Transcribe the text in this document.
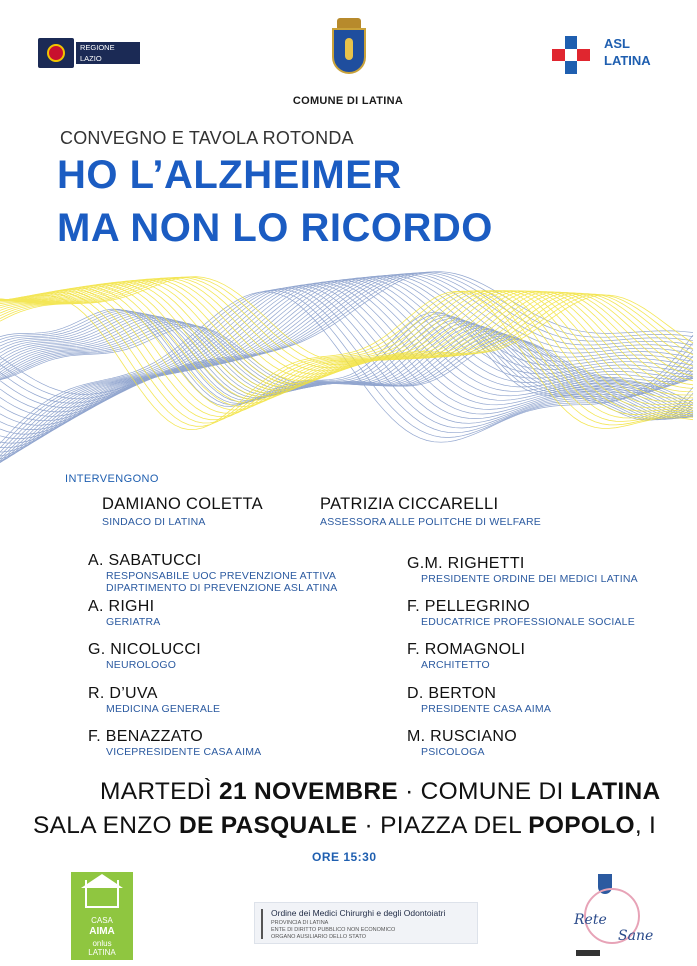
REGIONE
LAZIO
COMUNE DI LATINA
ASL
LATINA
CONVEGNO E TAVOLA ROTONDA
HO L’ALZHEIMER
MA NON LO RICORDO
INTERVENGONO
DAMIANO COLETTA
SINDACO DI LATINA
PATRIZIA CICCARELLI
ASSESSORA ALLE POLITCHE DI WELFARE
A. SABATUCCI
RESPONSABILE UOC PREVENZIONE ATTIVA
DIPARTIMENTO DI PREVENZIONE ASL ATINA
A. RIGHI
GERIATRA
G. NICOLUCCI
NEUROLOGO
R. D’UVA
MEDICINA GENERALE
F. BENAZZATO
VICEPRESIDENTE CASA AIMA
G.M. RIGHETTI
PRESIDENTE ORDINE DEI MEDICI LATINA
F. PELLEGRINO
EDUCATRICE PROFESSIONALE SOCIALE
F. ROMAGNOLI
ARCHITETTO
D. BERTON
PRESIDENTE CASA AIMA
M. RUSCIANO
PSICOLOGA
MARTEDÌ 21 NOVEMBRE · COMUNE DI LATINA
SALA ENZO DE PASQUALE · PIAZZA DEL POPOLO, I
ORE 15:30
CASA
AIMA
onlus
LATINA
Ordine dei Medici Chirurghi e degli Odontoiatri
PROVINCIA DI LATINA
ENTE DI DIRITTO PUBBLICO NON ECONOMICO
ORGANO AUSILIARIO DELLO STATO
Rete
Sane
